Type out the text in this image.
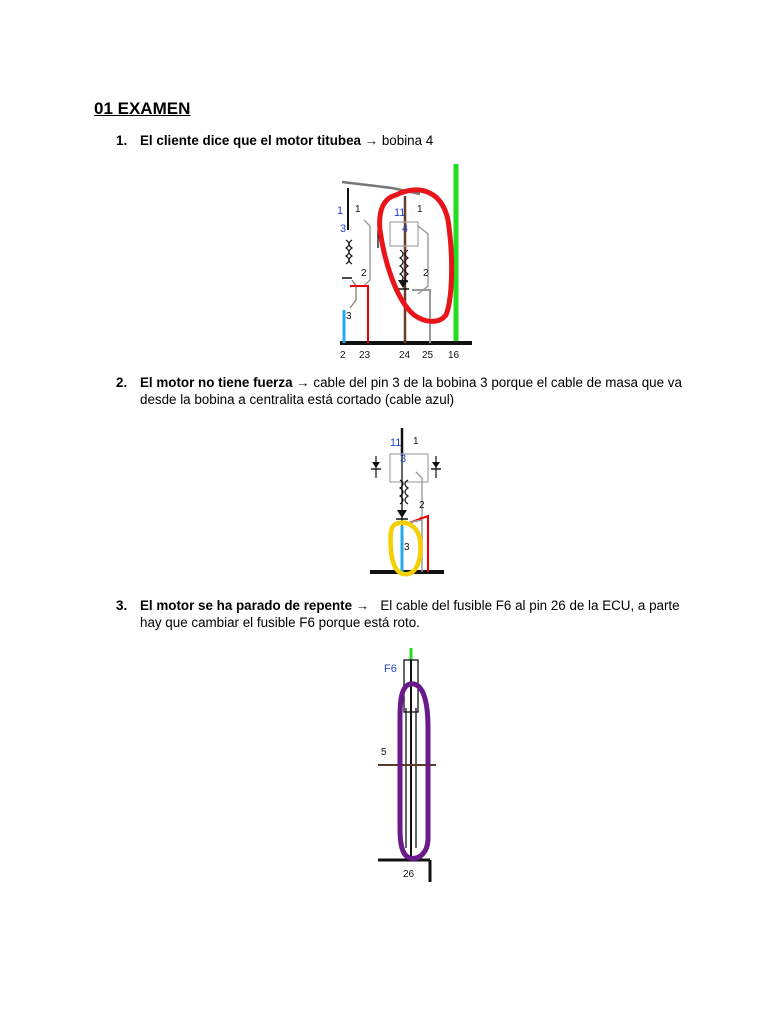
01 EXAMEN
1. El cliente dice que el motor titubea → bobina 4
1
3
1
2
3
11
4
1
2
2 23	24 25 16
2. El motor no tiene fuerza → cable del pin 3 de la bobina 3 porque el cable de masa que va desde la bobina a centralita está cortado (cable azul)
11
3
1
2
3
3. El motor se ha parado de repente → El cable del fusible F6 al pin 26 de la ECU, a parte hay que cambiar el fusible F6 porque está roto.
F6
5
26
